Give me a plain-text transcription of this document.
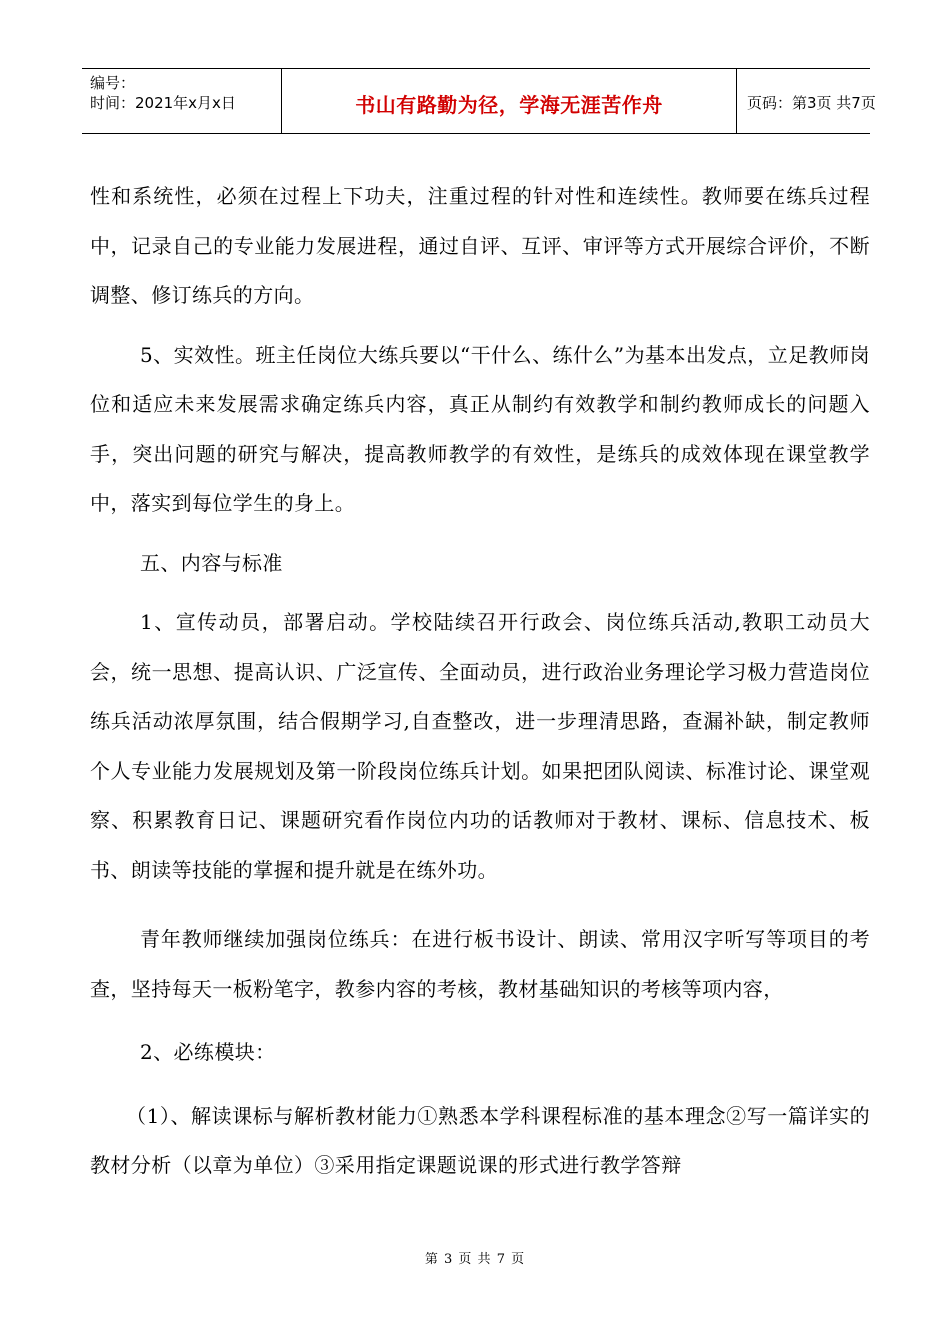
编号：
时间：2021年x月x日	书山有路勤为径，学海无涯苦作舟	页码：第3页 共7页

性和系统性，必须在过程上下功夫，注重过程的针对性和连续性。教师要在练兵过程中，记录自己的专业能力发展进程，通过自评、互评、审评等方式开展综合评价，不断调整、修订练兵的方向。

5、实效性。班主任岗位大练兵要以“干什么、练什么”为基本出发点，立足教师岗位和适应未来发展需求确定练兵内容，真正从制约有效教学和制约教师成长的问题入手，突出问题的研究与解决，提高教师教学的有效性，是练兵的成效体现在课堂教学中，落实到每位学生的身上。

五、内容与标准

1、宣传动员，部署启动。学校陆续召开行政会、岗位练兵活动,教职工动员大会，统一思想、提高认识、广泛宣传、全面动员，进行政治业务理论学习极力营造岗位练兵活动浓厚氛围，结合假期学习,自查整改，进一步理清思路，查漏补缺，制定教师个人专业能力发展规划及第一阶段岗位练兵计划。如果把团队阅读、标准讨论、课堂观察、积累教育日记、课题研究看作岗位内功的话教师对于教材、课标、信息技术、板书、朗读等技能的掌握和提升就是在练外功。

青年教师继续加强岗位练兵：在进行板书设计、朗读、常用汉字听写等项目的考查，坚持每天一板粉笔字，教参内容的考核，教材基础知识的考核等项内容，

2、必练模块：

（1）、解读课标与解析教材能力①熟悉本学科课程标准的基本理念②写一篇详实的教材分析（以章为单位）③采用指定课题说课的形式进行教学答辩

第 3 页 共 7 页
